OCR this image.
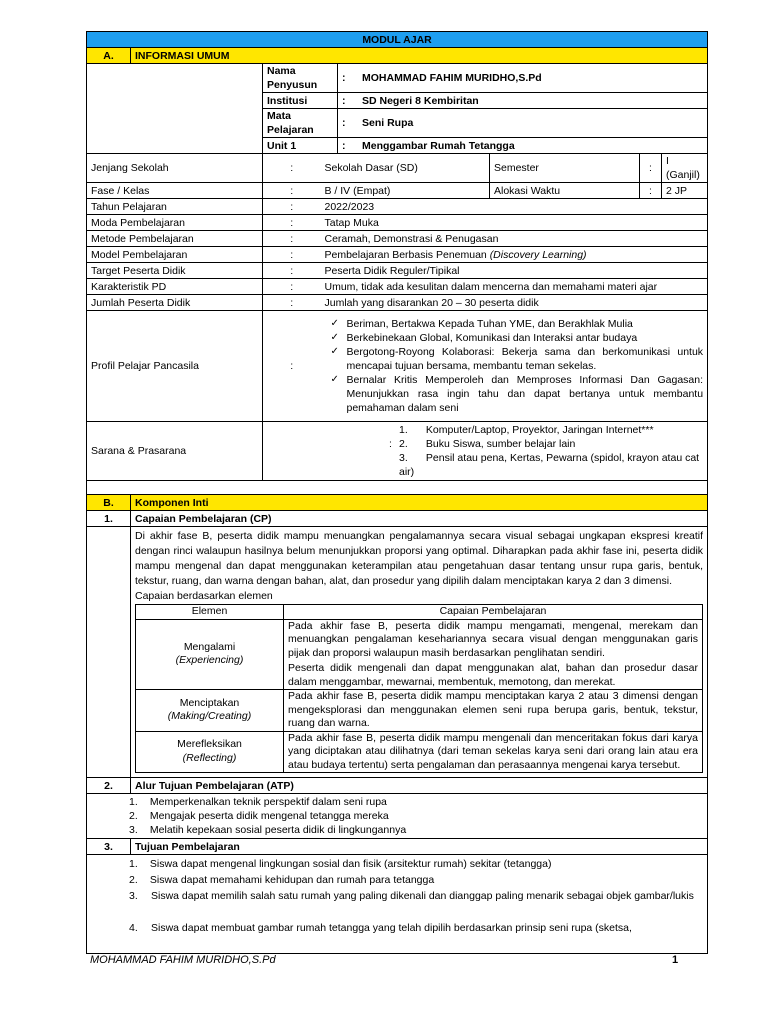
MODUL AJAR
A.	INFORMASI UMUM
	Nama Penyusun	: MOHAMMAD FAHIM MURIDHO,S.Pd
	Institusi	: SD Negeri 8 Kembiritan
	Mata Pelajaran	: Seni Rupa
	Unit 1	: Menggambar Rumah Tetangga
Jenjang Sekolah	:	Sekolah Dasar (SD)	Semester	:	I (Ganjil)
Fase / Kelas	:	B / IV (Empat)	Alokasi Waktu	:	2 JP
Tahun Pelajaran	:	2022/2023
Moda Pembelajaran	:	Tatap Muka
Metode Pembelajaran	:	Ceramah, Demonstrasi & Penugasan
Model Pembelajaran	:	Pembelajaran Berbasis Penemuan (Discovery Learning)
Target Peserta Didik	:	Peserta Didik Reguler/Tipikal
Karakteristik PD	:	Umum, tidak ada kesulitan dalam mencerna dan memahami materi ajar
Jumlah Peserta Didik	:	Jumlah yang disarankan 20 – 30 peserta didik
Profil Pelajar Pancasila	:	
✓ Beriman, Bertakwa Kepada Tuhan YME, dan Berakhlak Mulia
✓ Berkebinekaan Global, Komunikasi dan Interaksi antar budaya
✓ Bergotong-Royong Kolaborasi: Bekerja sama dan berkomunikasi untuk mencapai tujuan bersama, membantu teman sekelas.
✓ Bernalar Kritis Memperoleh dan Memproses Informasi Dan Gagasan: Menunjukkan rasa ingin tahu dan dapat bertanya untuk membantu pemahaman dalam seni

Sarana & Prasarana	
1. Komputer/Laptop, Proyektor, Jaringan Internet***
: 2. Buku Siswa, sumber belajar lain
3. Pensil atau pena, Kertas, Pewarna (spidol, krayon atau cat air)

B.	Komponen Inti
1.	Capaian Pembelajaran (CP)

Di akhir fase B, peserta didik mampu menuangkan pengalamannya secara visual sebagai ungkapan ekspresi kreatif dengan rinci walaupun hasilnya belum menunjukkan proporsi yang optimal. Diharapkan pada akhir fase ini, peserta didik mampu mengenal dan dapat menggunakan keterampilan atau pengetahuan dasar tentang unsur rupa garis, bentuk, tekstur, ruang, dan warna dengan bahan, alat, dan prosedur yang dipilih dalam menciptakan karya 2 dan 3 dimensi.
Capaian berdasarkan elemen
Elemen	Capaian Pembelajaran

Mengalami
(Experiencing)

Pada akhir fase B, peserta didik mampu mengamati, mengenal, merekam dan menuangkan pengalaman kesehariannya secara visual dengan menggunakan garis pijak dan proporsi walaupun masih berdasarkan penglihatan sendiri.
Peserta didik mengenali dan dapat menggunakan alat, bahan dan prosedur dasar dalam menggambar, mewarnai, membentuk, memotong, dan merekat.

Menciptakan
(Making/Creating)

Pada akhir fase B, peserta didik mampu menciptakan karya 2 atau 3 dimensi dengan mengeksplorasi dan menggunakan elemen seni rupa berupa garis, bentuk, tekstur, ruang dan warna.

Merefleksikan
(Reflecting)

Pada akhir fase B, peserta didik mampu mengenali dan menceritakan fokus dari karya yang diciptakan atau dilihatnya (dari teman sekelas karya seni dari orang lain atau era atau budaya tertentu) serta pengalaman dan perasaannya mengenai karya tersebut.

2.	Alur Tujuan Pembelajaran (ATP)

1. Memperkenalkan teknik perspektif dalam seni rupa
2. Mengajak peserta didik mengenal tetangga mereka
3. Melatih kepekaan sosial peserta didik di lingkungannya

3.	Tujuan Pembelajaran

1. Siswa dapat mengenal lingkungan sosial dan fisik (arsitektur rumah) sekitar (tetangga)
2. Siswa dapat memahami kehidupan dan rumah para tetangga
3.	Siswa dapat memilih salah satu rumah yang paling dikenali dan dianggap paling menarik sebagai objek gambar/lukis
4.	Siswa dapat membuat gambar rumah tetangga yang telah dipilih berdasarkan prinsip seni rupa (sketsa,
MOHAMMAD FAHIM MURIDHO,S.Pd	1
